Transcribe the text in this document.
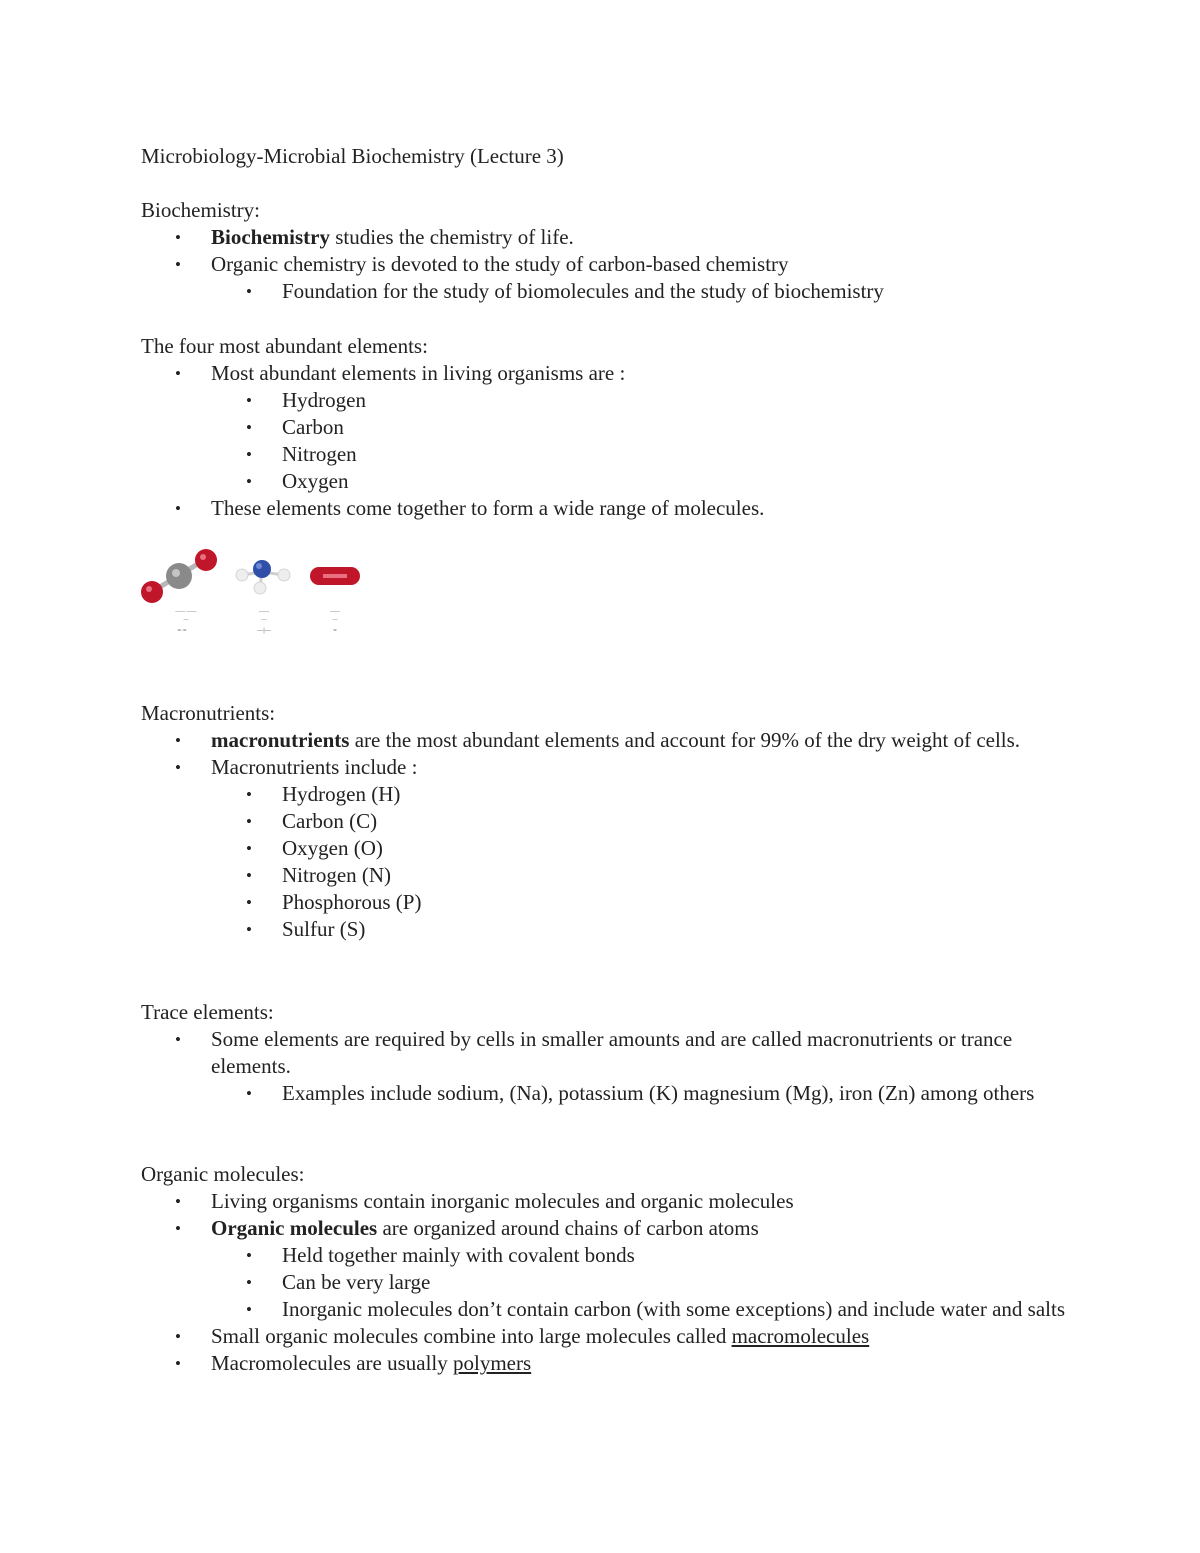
Microbiology-Microbial Biochemistry (Lecture 3)

Biochemistry:

• Biochemistry studies the chemistry of life.
• Organic chemistry is devoted to the study of carbon-based chemistry
• Foundation for the study of biomolecules and the study of biochemistry

The four most abundant elements:

• Most abundant elements in living organisms are :
• Hydrogen
• Carbon
• Nitrogen
• Oxygen
• These elements come together to form a wide range of molecules.
—— ——
—
=·=
——
—
—|—
——
—
=

Macronutrients:

• macronutrients are the most abundant elements and account for 99% of the dry weight of cells.
• Macronutrients include :
• Hydrogen (H)
• Carbon (C)
• Oxygen (O)
• Nitrogen (N)
• Phosphorous (P)
• Sulfur (S)

Trace elements:

• Some elements are required by cells in smaller amounts and are called macronutrients or trance elements.
• Examples include sodium, (Na), potassium (K) magnesium (Mg), iron (Zn) among others

Organic molecules:

• Living organisms contain inorganic molecules and organic molecules
• Organic molecules are organized around chains of carbon atoms
• Held together mainly with covalent bonds
• Can be very large
• Inorganic molecules don’t contain carbon (with some exceptions) and include water and salts
• Small organic molecules combine into large molecules called macromolecules
• Macromolecules are usually polymers
